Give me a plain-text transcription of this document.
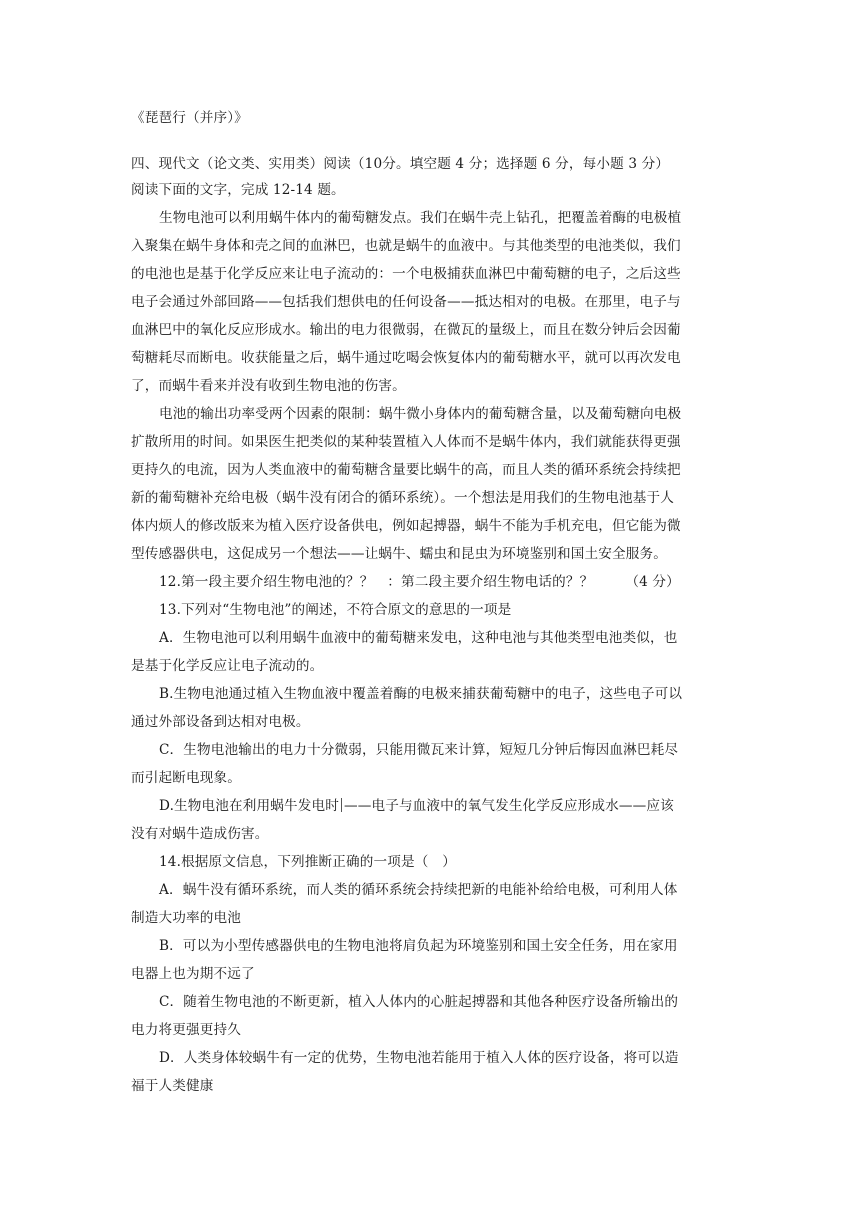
《琵琶行（并序）》
四、现代文（论文类、实用类）阅读（10分。填空题 4 分；选择题 6 分，每小题 3 分）
阅读下面的文字，完成 12-14 题。
生物电池可以利用蜗牛体内的葡萄糖发点。我们在蜗牛壳上钻孔，把覆盖着酶的电极植
入聚集在蜗牛身体和壳之间的血淋巴，也就是蜗牛的血液中。与其他类型的电池类似，我们
的电池也是基于化学反应来让电子流动的：一个电极捕获血淋巴中葡萄糖的电子，之后这些
电子会通过外部回路——包括我们想供电的任何设备——抵达相对的电极。在那里，电子与
血淋巴中的氧化反应形成水。输出的电力很微弱，在微瓦的量级上，而且在数分钟后会因葡
萄糖耗尽而断电。收获能量之后，蜗牛通过吃喝会恢复体内的葡萄糖水平，就可以再次发电
了，而蜗牛看来并没有收到生物电池的伤害。
电池的输出功率受两个因素的限制：蜗牛微小身体内的葡萄糖含量，以及葡萄糖向电极
扩散所用的时间。如果医生把类似的某种装置植入人体而不是蜗牛体内，我们就能获得更强
更持久的电流，因为人类血液中的葡萄糖含量要比蜗牛的高，而且人类的循环系统会持续把
新的葡萄糖补充给电极（蜗牛没有闭合的循环系统）。一个想法是用我们的生物电池基于人
体内烦人的修改版来为植入医疗设备供电，例如起搏器，蜗牛不能为手机充电，但它能为微
型传感器供电，这促成另一个想法——让蜗牛、蠕虫和昆虫为环境鉴别和国土安全服务。
12.第一段主要介绍生物电池的？？　：第二段主要介绍生物电话的？？　　 （4 分）
13.下列对“生物电池”的阐述，不符合原文的意思的一项是
A．生物电池可以利用蜗牛血液中的葡萄糖来发电，这种电池与其他类型电池类似，也
是基于化学反应让电子流动的。
B.生物电池通过植入生物血液中覆盖着酶的电极来捕获葡萄糖中的电子，这些电子可以
通过外部设备到达相对电极。
C．生物电池输出的电力十分微弱，只能用微瓦来计算，短短几分钟后悔因血淋巴耗尽
而引起断电现象。
D.生物电池在利用蜗牛发电时 ——电子与血液中的氧气发生化学反应形成水——应该
没有对蜗牛造成伤害。
14.根据原文信息，下列推断正确的一项是（　）
A．蜗牛没有循环系统，而人类的循环系统会持续把新的电能补给给电极，可利用人体
制造大功率的电池
B．可以为小型传感器供电的生物电池将肩负起为环境鉴别和国土安全任务，用在家用
电器上也为期不远了
C．随着生物电池的不断更新，植入人体内的心脏起搏器和其他各种医疗设备所输出的
电力将更强更持久
D．人类身体较蜗牛有一定的优势，生物电池若能用于植入人体的医疗设备，将可以造
福于人类健康
